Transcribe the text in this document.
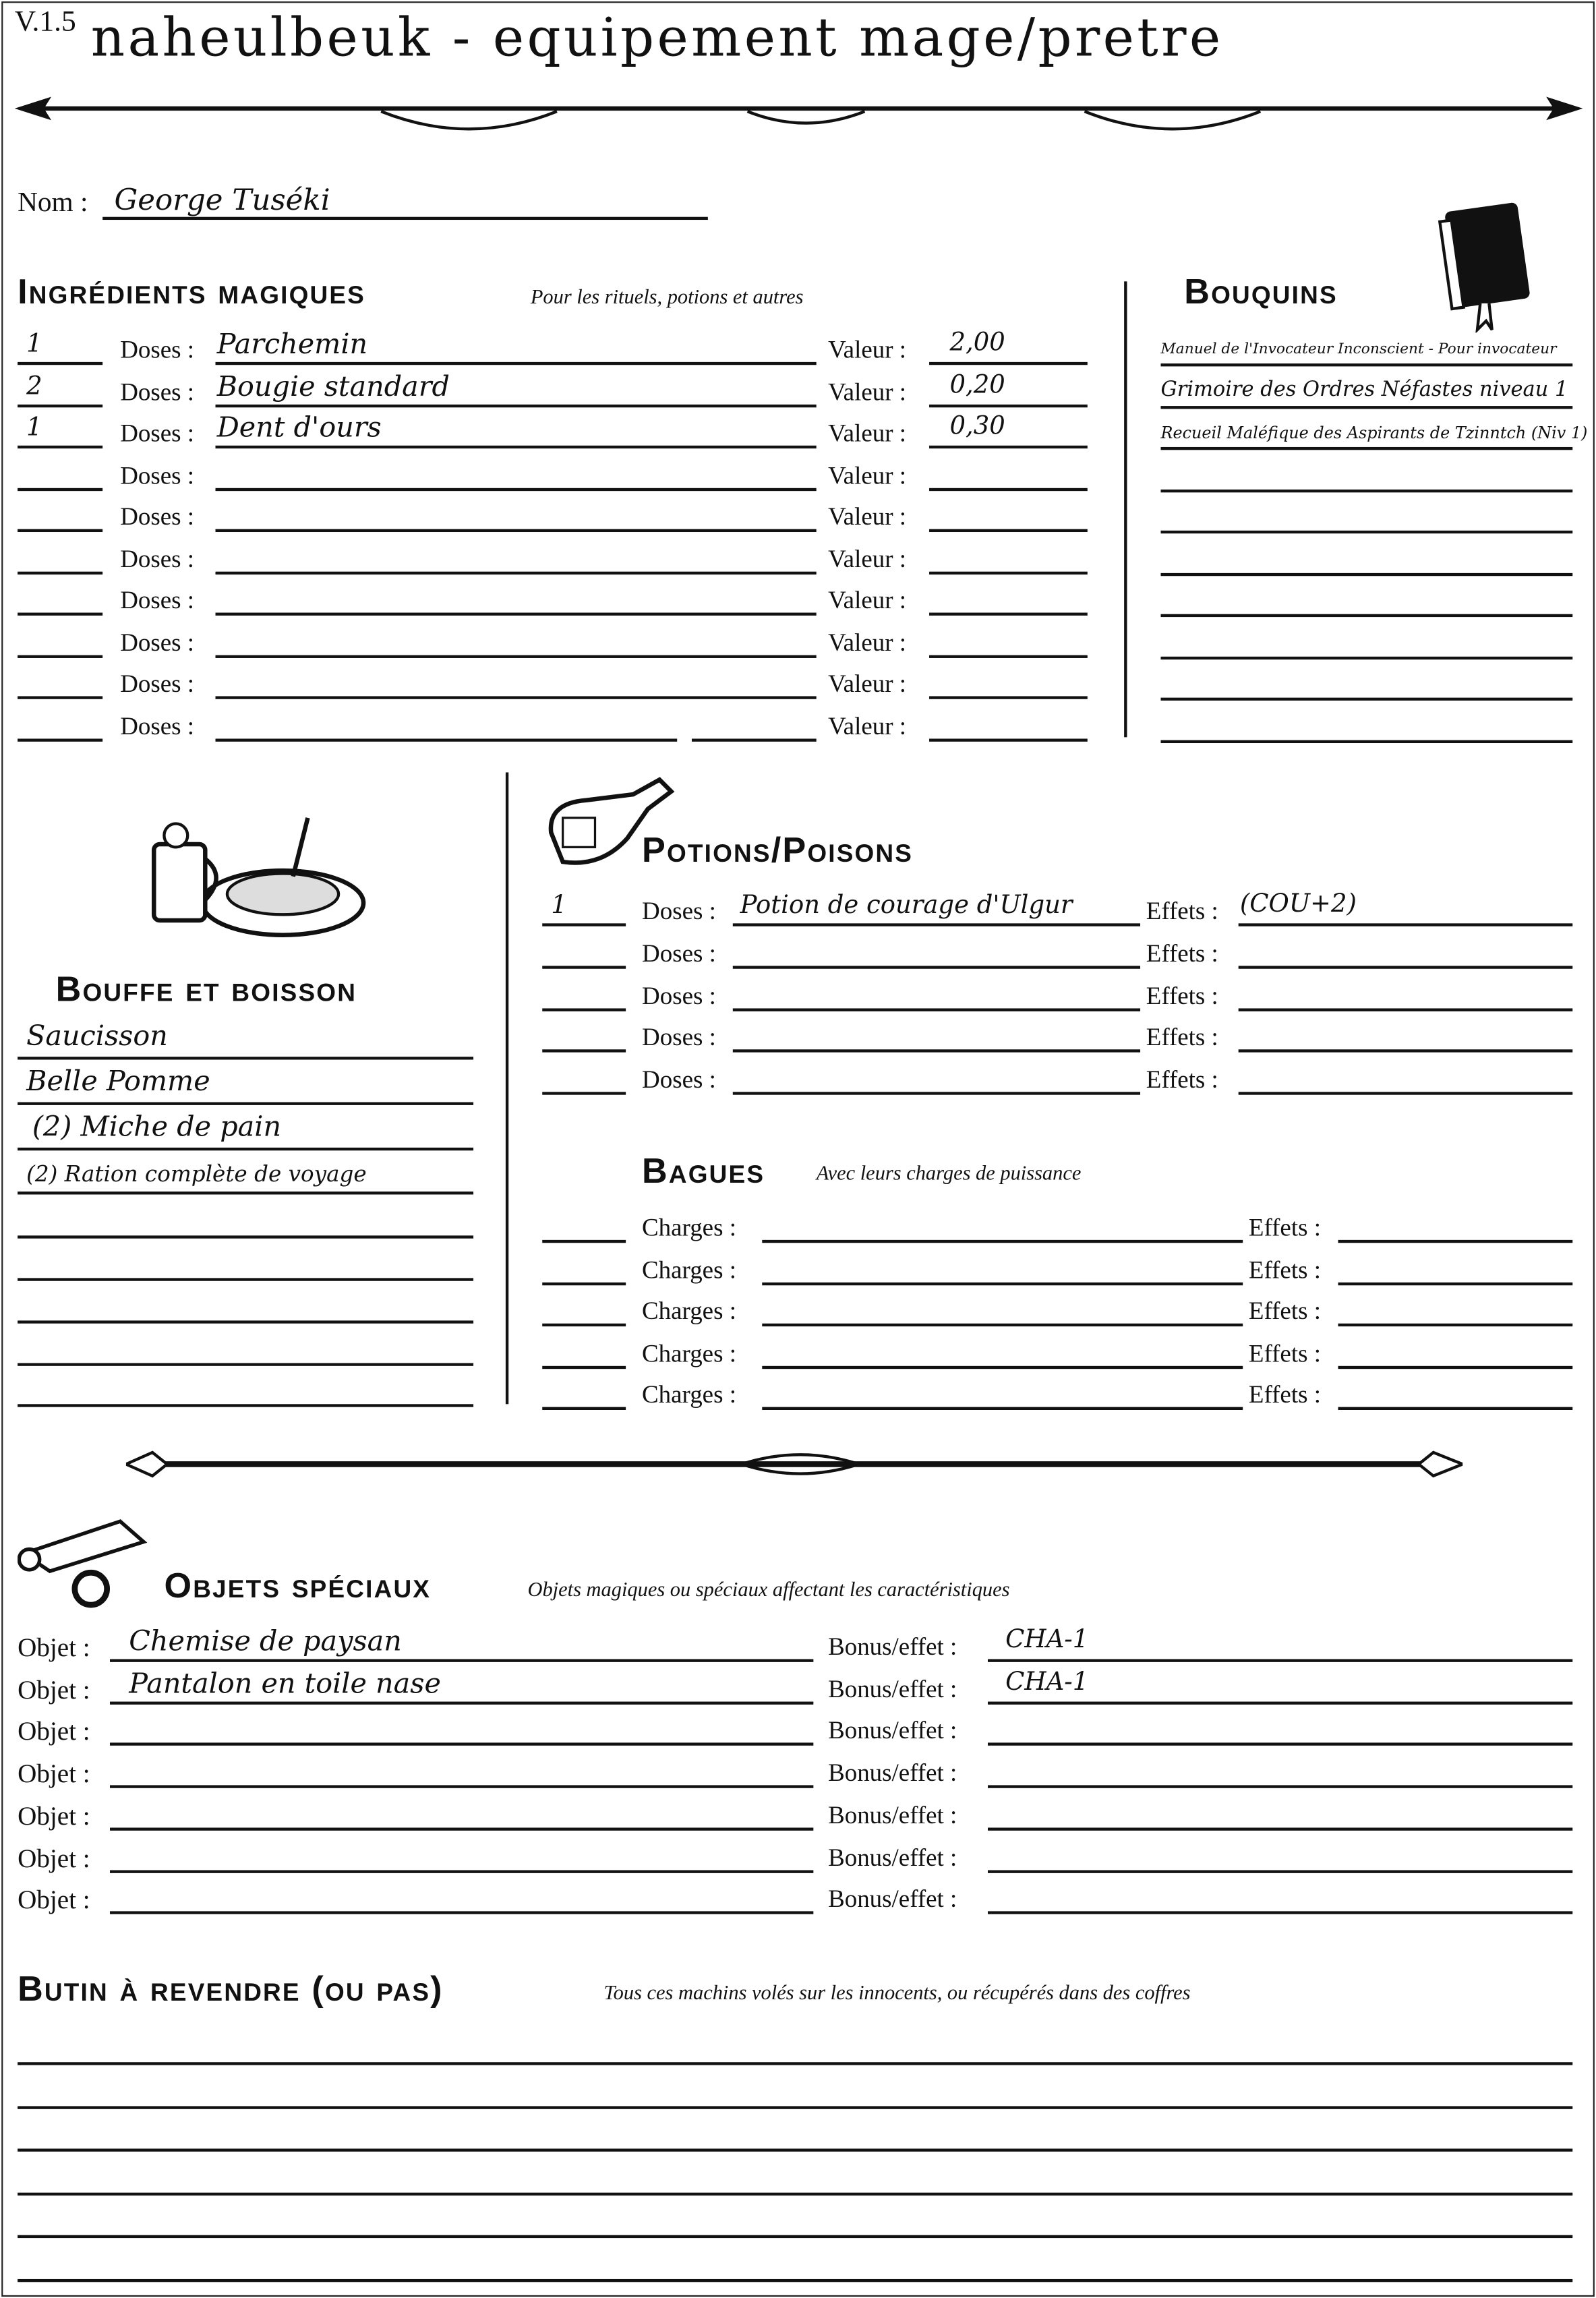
V.1.5 naheulbeuk - equipement mage/pretre
Nom : George Tuséki
Ingrédients magiques	Pour les rituels, potions et autres
1	Doses : Parchemin	Valeur :	2,00
2	Doses : Bougie standard	Valeur :	0,20
1	Doses : Dent d'ours	Valeur :	0,30
Doses :	Valeur :
Doses :	Valeur :
Doses :	Valeur :
Doses :	Valeur :
Doses :	Valeur :
Doses :	Valeur :
Doses :	Valeur :
Bouquins
Manuel de l'Invocateur Inconscient - Pour invocateur
Grimoire des Ordres Néfastes niveau 1
Recueil Maléfique des Aspirants de Tzinntch (Niv 1)
Bouffe et boisson
Saucisson
Belle Pomme
(2) Miche de pain
(2) Ration complète de voyage
Potions/Poisons
1	Doses : Potion de courage d'Ulgur	Effets : (COU+2)
Doses :	Effets :
Doses :	Effets :
Doses :	Effets :
Doses :	Effets :
Bagues	Avec leurs charges de puissance
Charges :	Effets :
Charges :	Effets :
Charges :	Effets :
Charges :	Effets :
Charges :	Effets :
Objets spéciaux	Objets magiques ou spéciaux affectant les caractéristiques
Objet :	Chemise de paysan	Bonus/effet :	CHA-1
Objet :	Pantalon en toile nase	Bonus/effet :	CHA-1
Objet :	Bonus/effet :
Objet :	Bonus/effet :
Objet :	Bonus/effet :
Objet :	Bonus/effet :
Objet :	Bonus/effet :
Butin à revendre (ou pas)	Tous ces machins volés sur les innocents, ou récupérés dans des coffres
